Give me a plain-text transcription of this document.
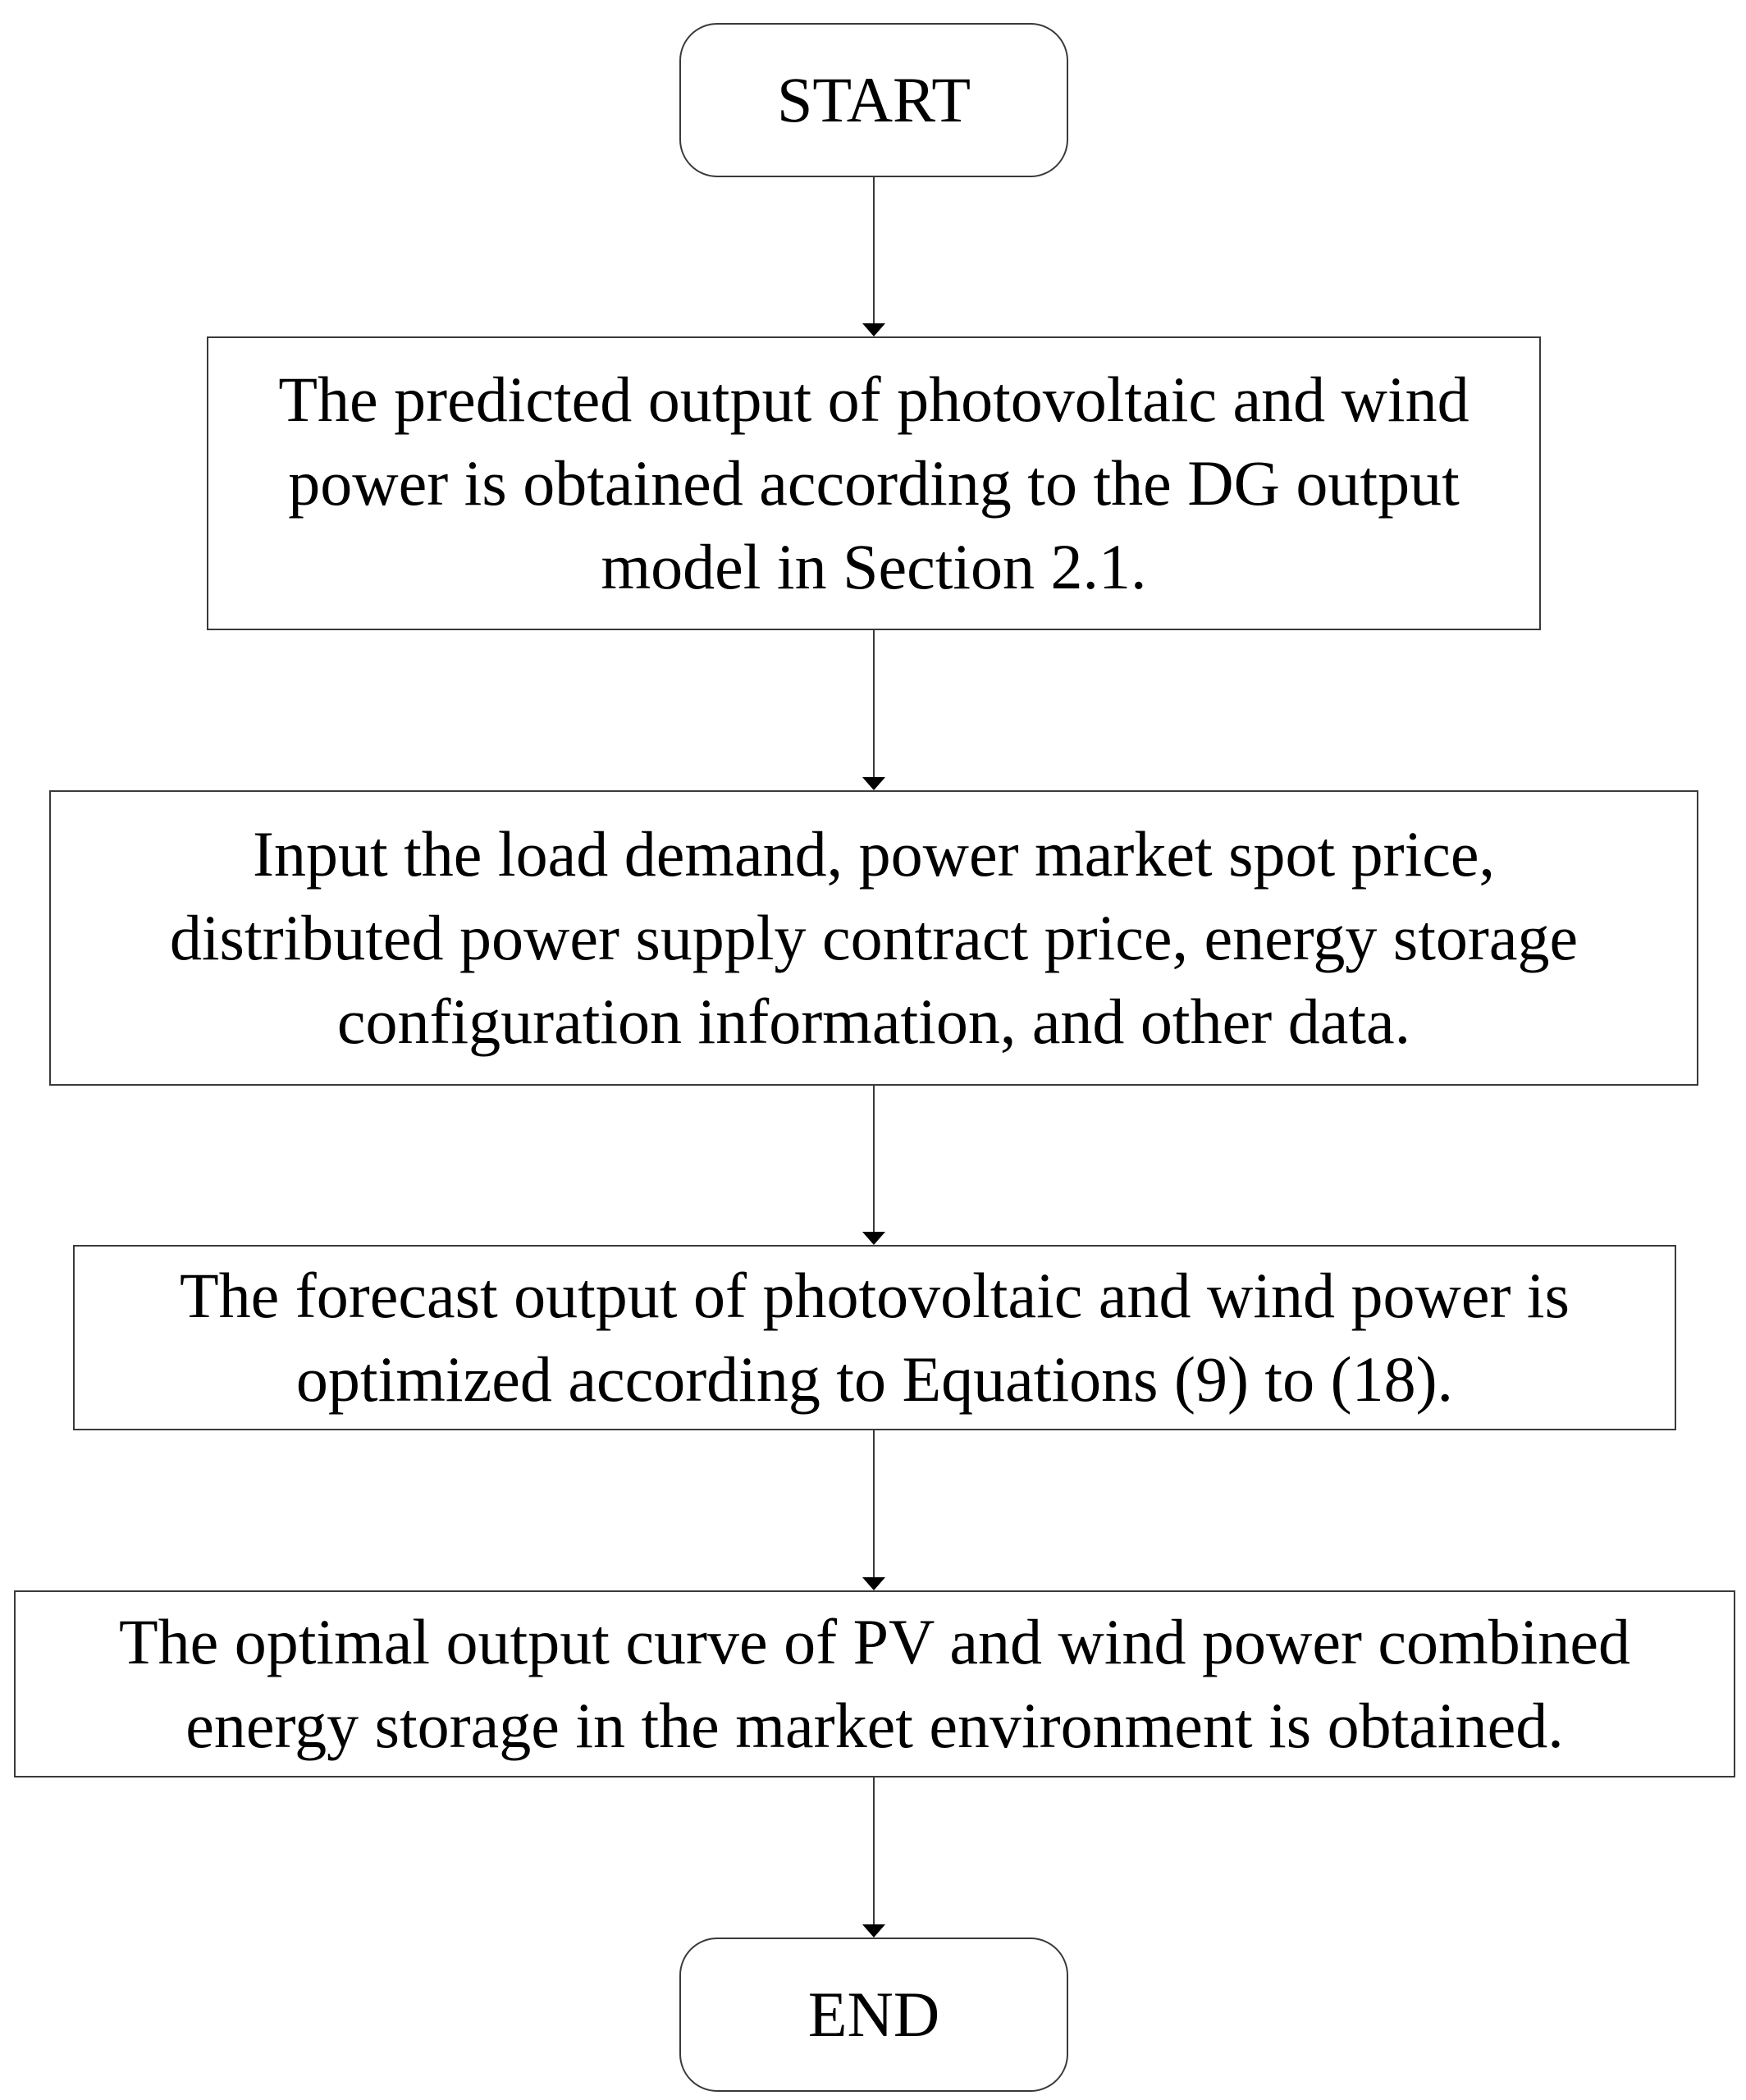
START
The predicted output of photovoltaic and wind
power is obtained according to the DG output
model in Section 2.1.
Input the load demand, power market spot price,
distributed power supply contract price, energy storage
configuration information, and other data.
The forecast output of photovoltaic and wind power is
optimized according to Equations (9) to (18).
The optimal output curve of PV and wind power combined
energy storage in the market environment is obtained.
END
